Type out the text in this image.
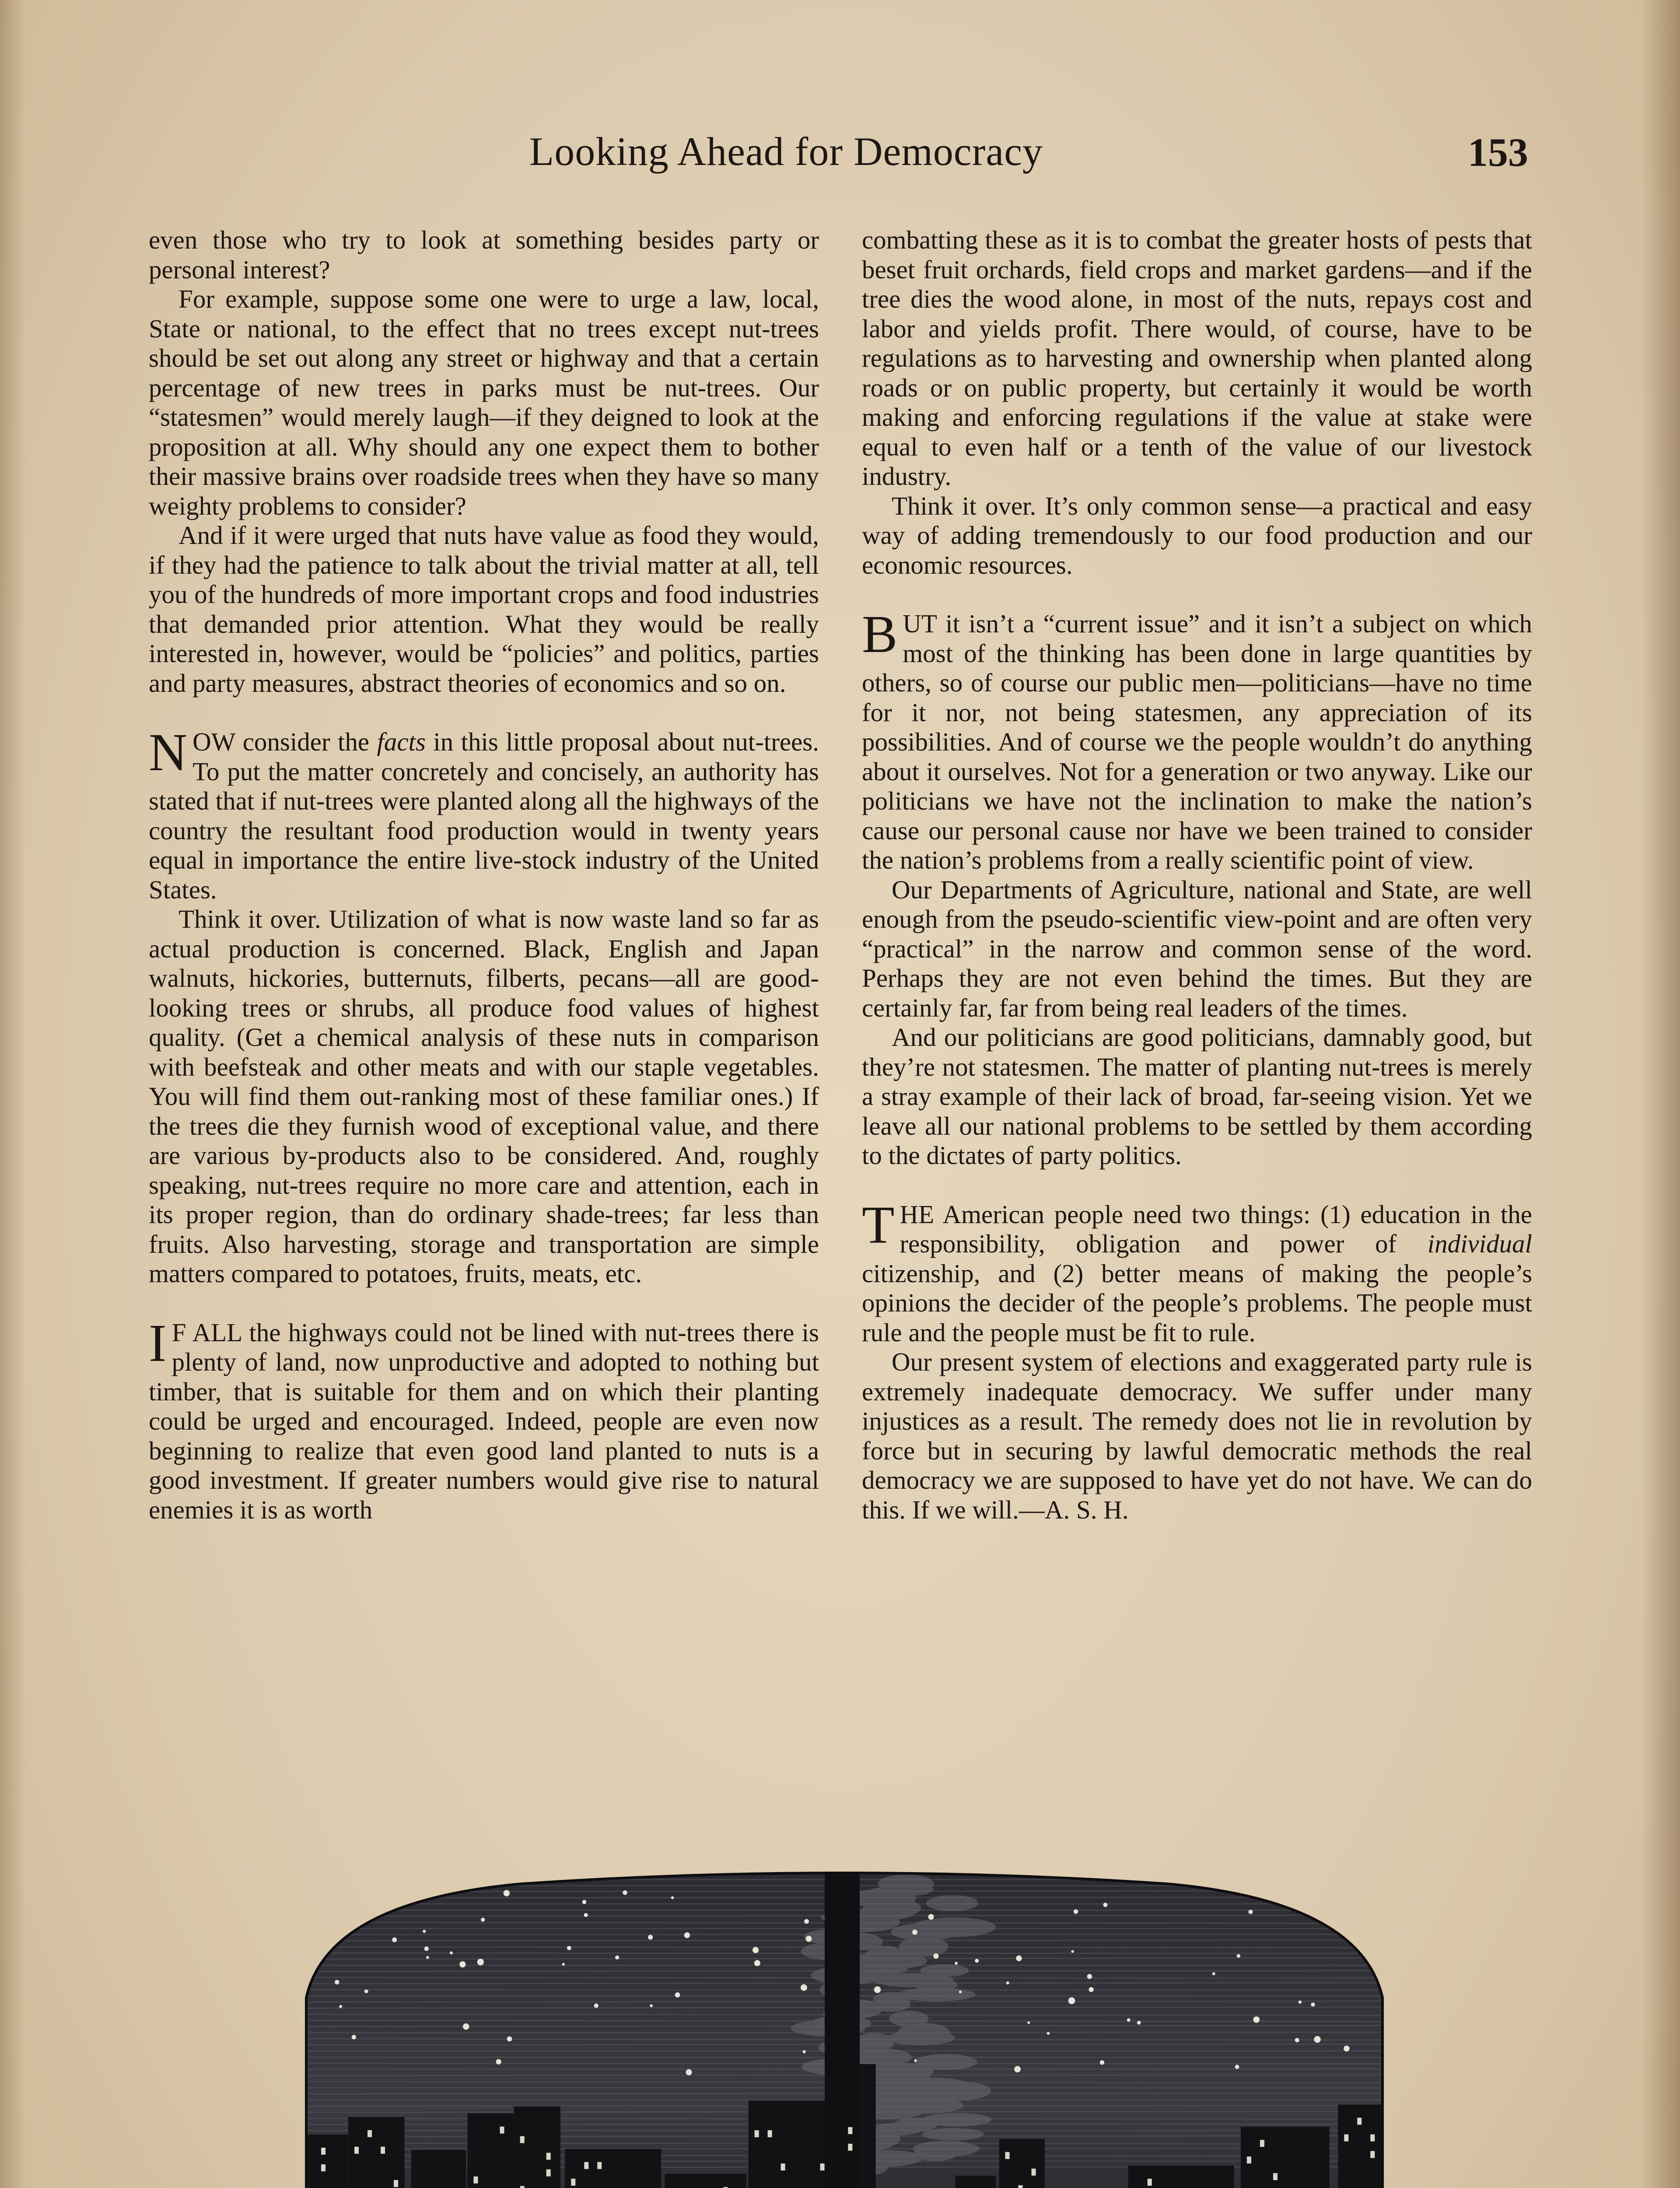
Looking Ahead for Democracy	153

even those who try to look at something besides party or personal interest?

For example, suppose some one were to urge a law, local, State or national, to the effect that no trees except nut-trees should be set out along any street or highway and that a certain percentage of new trees in parks must be nut-trees. Our “statesmen” would merely laugh—if they deigned to look at the proposition at all. Why should any one expect them to bother their massive brains over roadside trees when they have so many weighty problems to consider?

And if it were urged that nuts have value as food they would, if they had the patience to talk about the trivial matter at all, tell you of the hundreds of more important crops and food industries that demanded prior attention. What they would be really interested in, however, would be “policies” and politics, parties and party measures, abstract theories of economics and so on.

NOW consider the facts in this little proposal about nut-trees. To put the matter concretely and concisely, an authority has stated that if nut-trees were planted along all the highways of the country the resultant food production would in twenty years equal in importance the entire live-stock industry of the United States.

Think it over. Utilization of what is now waste land so far as actual production is concerned. Black, English and Japan walnuts, hickories, butternuts, filberts, pecans—all are good-looking trees or shrubs, all produce food values of highest quality. (Get a chemical analysis of these nuts in comparison with beefsteak and other meats and with our staple vegetables. You will find them out-ranking most of these familiar ones.) If the trees die they furnish wood of exceptional value, and there are various by-products also to be considered. And, roughly speaking, nut-trees require no more care and attention, each in its proper region, than do ordinary shade-trees; far less than fruits. Also harvesting, storage and transportation are simple matters compared to potatoes, fruits, meats, etc.

I F ALL the highways could not be lined with nut-trees there is plenty of land, now unproductive and adopted to nothing but timber, that is suitable for them and on which their planting could be urged and encouraged. Indeed, people are even now beginning to realize that even good land planted to nuts is a good investment. If greater numbers would give rise to natural enemies it is as worth

combatting these as it is to combat the greater hosts of pests that beset fruit orchards, field crops and market gardens—and if the tree dies the wood alone, in most of the nuts, repays cost and labor and yields profit. There would, of course, have to be regulations as to harvesting and ownership when planted along roads or on public property, but certainly it would be worth making and enforcing regulations if the value at stake were equal to even half or a tenth of the value of our livestock industry.

Think it over. It’s only common sense—a practical and easy way of adding tremendously to our food production and our economic resources.

BUT it isn’t a “current issue” and it isn’t a subject on which most of the thinking has been done in large quantities by others, so of course our public men—politicians—have no time for it nor, not being statesmen, any appreciation of its possibilities. And of course we the people wouldn’t do anything about it ourselves. Not for a generation or two anyway. Like our politicians we have not the inclination to make the nation’s cause our personal cause nor have we been trained to consider the nation’s problems from a really scientific point of view.

Our Departments of Agriculture, national and State, are well enough from the pseudo-scientific view-point and are often very “practical” in the narrow and common sense of the word. Perhaps they are not even behind the times. But they are certainly far, far from being real leaders of the times.

And our politicians are good politicians, damnably good, but they’re not statesmen. The matter of planting nut-trees is merely a stray example of their lack of broad, far-seeing vision. Yet we leave all our national problems to be settled by them according to the dictates of party politics.

THE American people need two things: (1) education in the responsibility, obligation and power of individual citizenship, and (2) better means of making the people’s opinions the decider of the people’s problems. The people must rule and the people must be fit to rule.

Our present system of elections and exaggerated party rule is extremely inadequate democracy. We suffer under many injustices as a result. The remedy does not lie in revolution by force but in securing by lawful democratic methods the real democracy we are supposed to have yet do not have. We can do this. If we will.—A. S. H.
